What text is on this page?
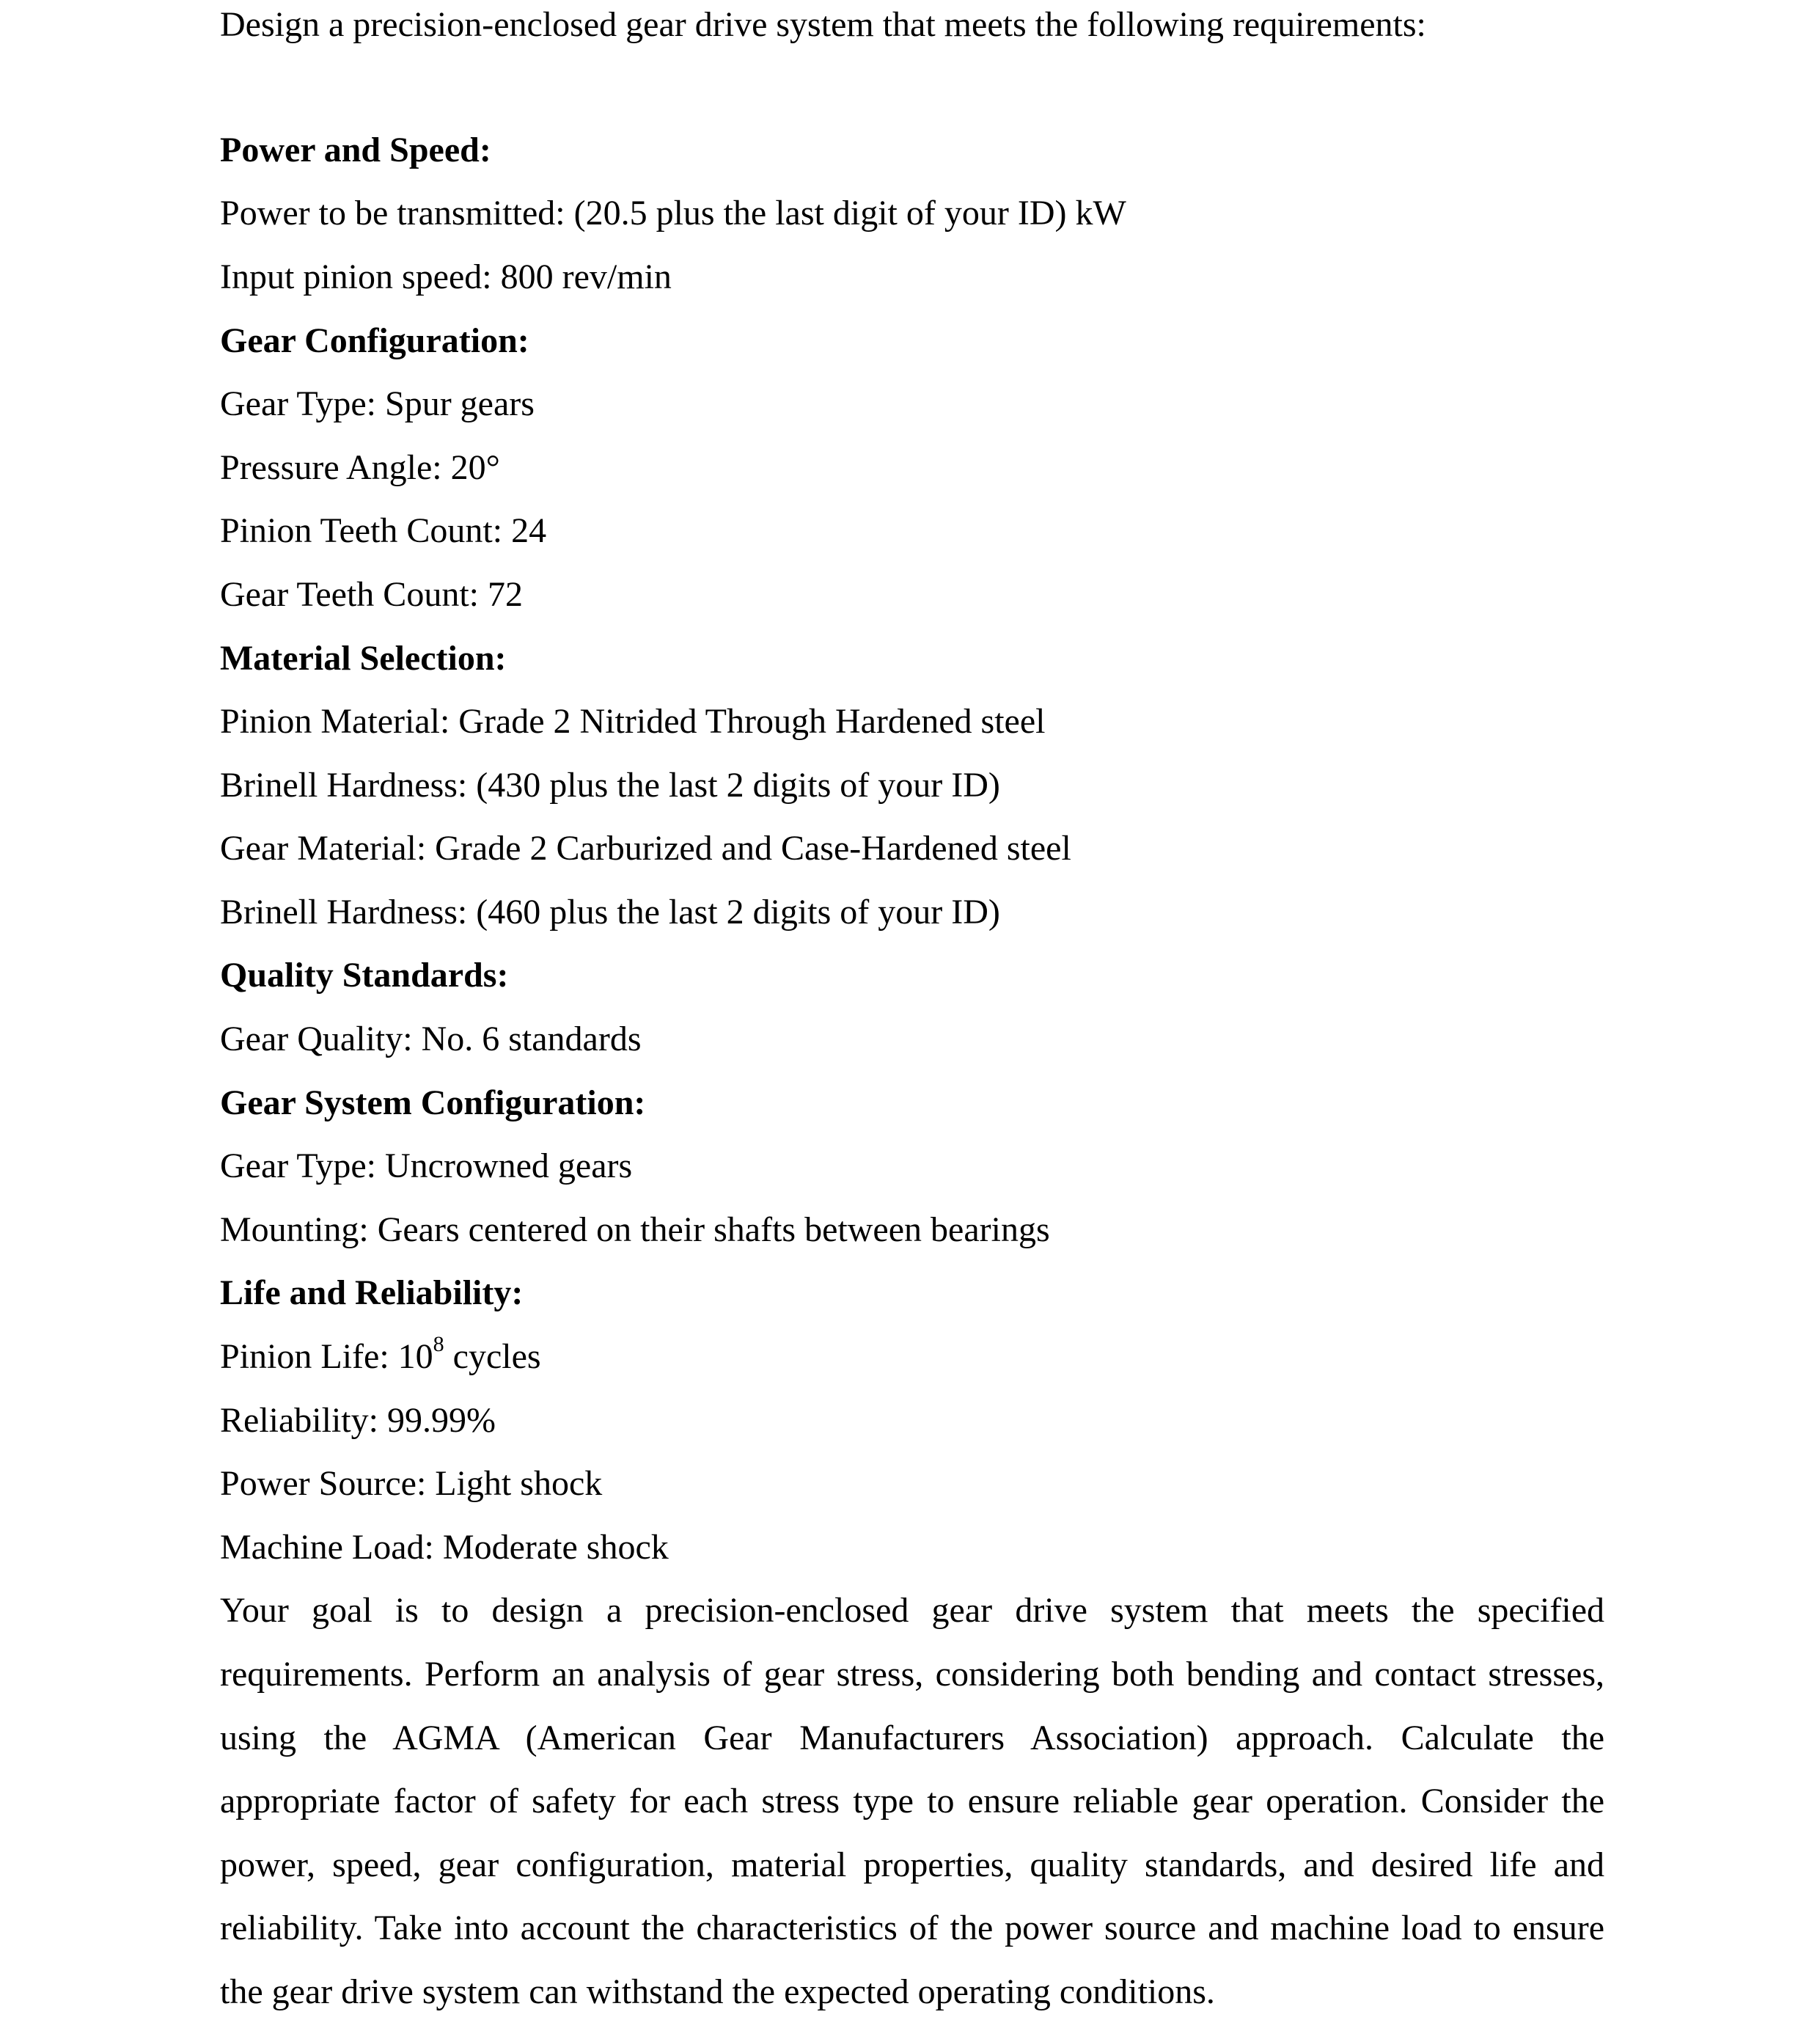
Design a precision-enclosed gear drive system that meets the following requirements:
Power and Speed:
Power to be transmitted: (20.5 plus the last digit of your ID) kW
Input pinion speed: 800 rev/min
Gear Configuration:
Gear Type: Spur gears
Pressure Angle: 20°
Pinion Teeth Count: 24
Gear Teeth Count: 72
Material Selection:
Pinion Material: Grade 2 Nitrided Through Hardened steel
Brinell Hardness: (430 plus the last 2 digits of your ID)
Gear Material: Grade 2 Carburized and Case-Hardened steel
Brinell Hardness: (460 plus the last 2 digits of your ID)
Quality Standards:
Gear Quality: No. 6 standards
Gear System Configuration:
Gear Type: Uncrowned gears
Mounting: Gears centered on their shafts between bearings
Life and Reliability:
Pinion Life: $10^8$ cycles
Reliability: 99.99%
Power Source: Light shock
Machine Load: Moderate shock
Your goal is to design a precision-enclosed gear drive system that meets the specified
requirements. Perform an analysis of gear stress, considering both bending and contact stresses,
using the AGMA (American Gear Manufacturers Association) approach. Calculate the
appropriate factor of safety for each stress type to ensure reliable gear operation. Consider the
power, speed, gear configuration, material properties, quality standards, and desired life and
reliability. Take into account the characteristics of the power source and machine load to ensure
the gear drive system can withstand the expected operating conditions.
